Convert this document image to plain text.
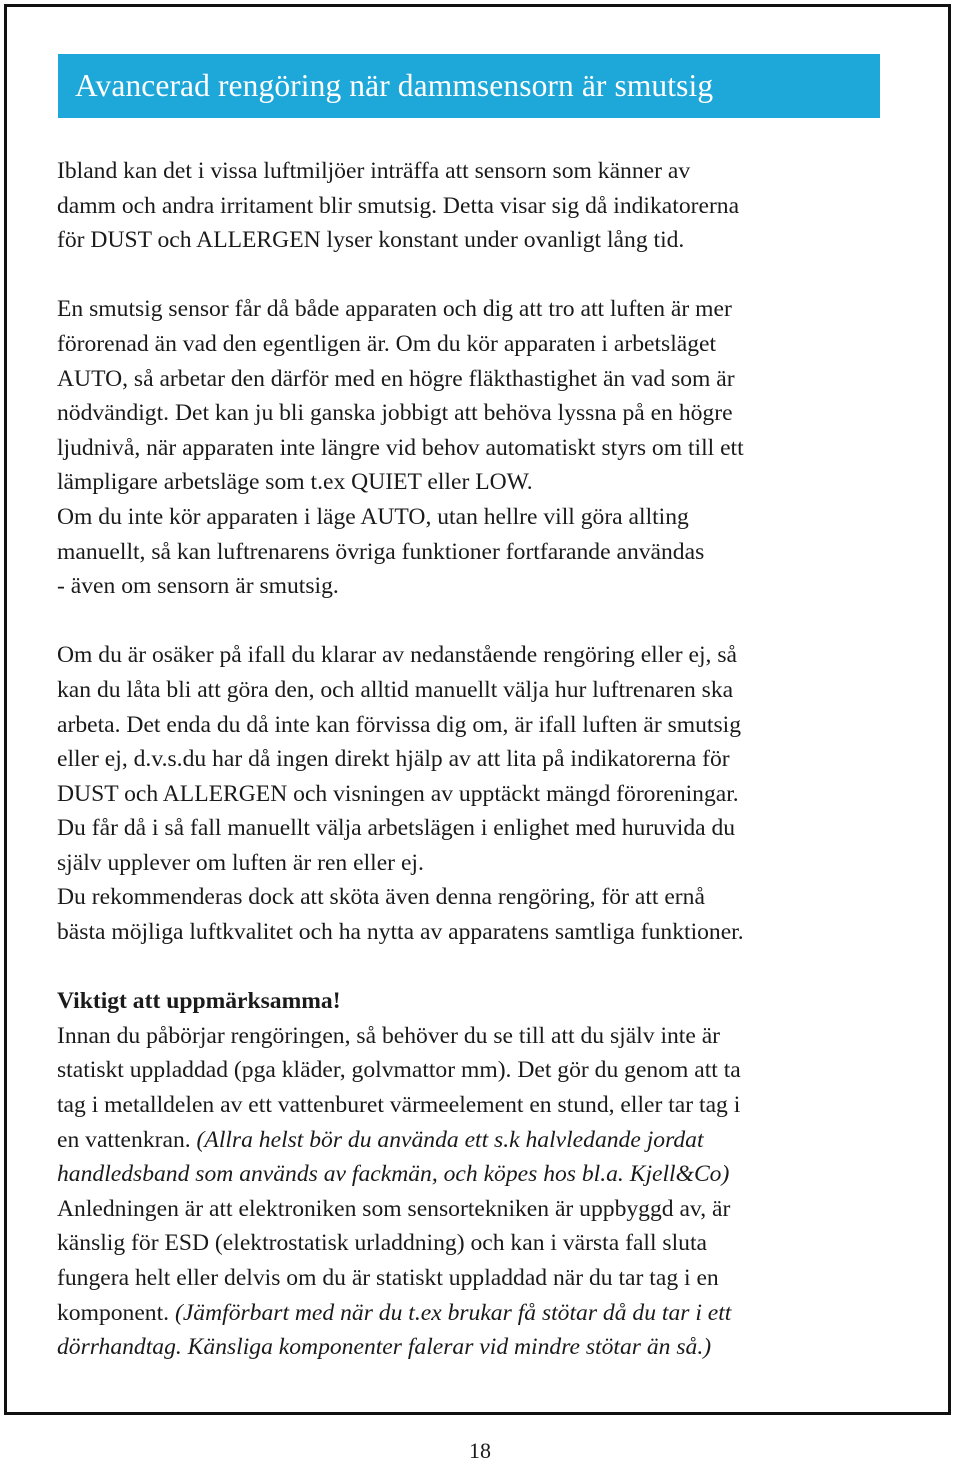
Avancerad rengöring när dammsensorn är smutsig

Ibland kan det i vissa luftmiljöer inträffa att sensorn som känner av
damm och andra irritament blir smutsig. Detta visar sig då indikatorerna
för DUST och ALLERGEN lyser konstant under ovanligt lång tid.

En smutsig sensor får då både apparaten och dig att tro att luften är mer
förorenad än vad den egentligen är. Om du kör apparaten i arbetsläget
AUTO, så arbetar den därför med en högre fläkthastighet än vad som är
nödvändigt. Det kan ju bli ganska jobbigt att behöva lyssna på en högre
ljudnivå, när apparaten inte längre vid behov automatiskt styrs om till ett
lämpligare arbetsläge som t.ex QUIET eller LOW.
Om du inte kör apparaten i läge AUTO, utan hellre vill göra allting
manuellt, så kan luftrenarens övriga funktioner fortfarande användas
- även om sensorn är smutsig.

Om du är osäker på ifall du klarar av nedanstående rengöring eller ej, så
kan du låta bli att göra den, och alltid manuellt välja hur luftrenaren ska
arbeta. Det enda du då inte kan förvissa dig om, är ifall luften är smutsig
eller ej, d.v.s.du har då ingen direkt hjälp av att lita på indikatorerna för
DUST och ALLERGEN och visningen av upptäckt mängd föroreningar.
Du får då i så fall manuellt välja arbetslägen i enlighet med huruvida du
själv upplever om luften är ren eller ej.
Du rekommenderas dock att sköta även denna rengöring, för att ernå
bästa möjliga luftkvalitet och ha nytta av apparatens samtliga funktioner.

Viktigt att uppmärksamma!
Innan du påbörjar rengöringen, så behöver du se till att du själv inte är
statiskt uppladdad (pga kläder, golvmattor mm). Det gör du genom att ta
tag i metalldelen av ett vattenburet värmeelement en stund, eller tar tag i
en vattenkran. (Allra helst bör du använda ett s.k halvledande jordat
handledsband som används av fackmän, och köpes hos bl.a. Kjell&Co)
Anledningen är att elektroniken som sensortekniken är uppbyggd av, är
känslig för ESD (elektrostatisk urladdning) och kan i värsta fall sluta
fungera helt eller delvis om du är statiskt uppladdad när du tar tag i en
komponent. (Jämförbart med när du t.ex brukar få stötar då du tar i ett
dörrhandtag. Känsliga komponenter falerar vid mindre stötar än så.)

18
